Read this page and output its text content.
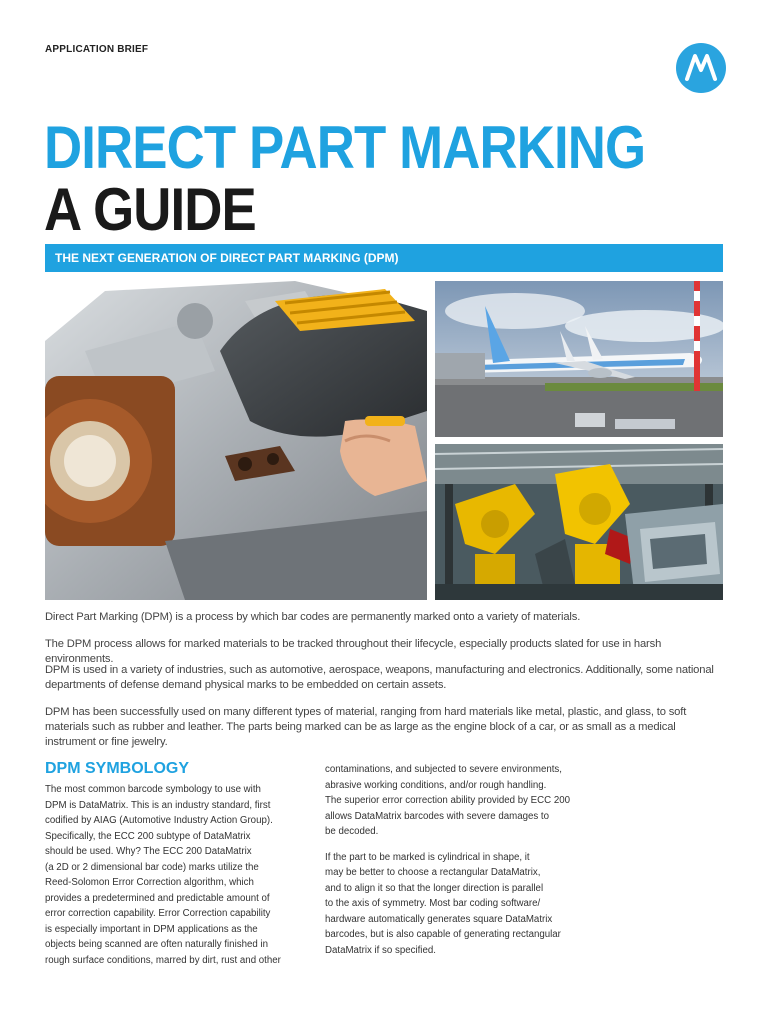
APPLICATION BRIEF
DIRECT PART MARKING
A GUIDE
THE NEXT GENERATION OF DIRECT PART MARKING (DPM)

Direct Part Marking (DPM) is a process by which bar codes are permanently marked onto a variety of materials.

The DPM process allows for marked materials to be tracked throughout their lifecycle, especially products slated for use in harsh environments.

DPM is used in a variety of industries, such as automotive, aerospace, weapons, manufacturing and electronics. Additionally, some national departments of defense demand physical marks to be embedded on certain assets.

DPM has been successfully used on many different types of material, ranging from hard materials like metal, plastic, and glass, to soft materials such as rubber and leather. The parts being marked can be as large as the engine block of a car, or as small as a medical instrument or fine jewelry.

DPM SYMBOLOGY
The most common barcode symbology to use with
DPM is DataMatrix. This is an industry standard, first
codified by AIAG (Automotive Industry Action Group).
Specifically, the ECC 200 subtype of DataMatrix
should be used. Why? The ECC 200 DataMatrix
(a 2D or 2 dimensional bar code) marks utilize the
Reed-Solomon Error Correction algorithm, which
provides a predetermined and predictable amount of
error correction capability. Error Correction capability
is especially important in DPM applications as the
objects being scanned are often naturally finished in
rough surface conditions, marred by dirt, rust and other
contaminations, and subjected to severe environments,
abrasive working conditions, and/or rough handling.
The superior error correction ability provided by ECC 200
allows DataMatrix barcodes with severe damages to
be decoded.
If the part to be marked is cylindrical in shape, it
may be better to choose a rectangular DataMatrix,
and to align it so that the longer direction is parallel
to the axis of symmetry. Most bar coding software/
hardware automatically generates square DataMatrix
barcodes, but is also capable of generating rectangular
DataMatrix if so specified.
